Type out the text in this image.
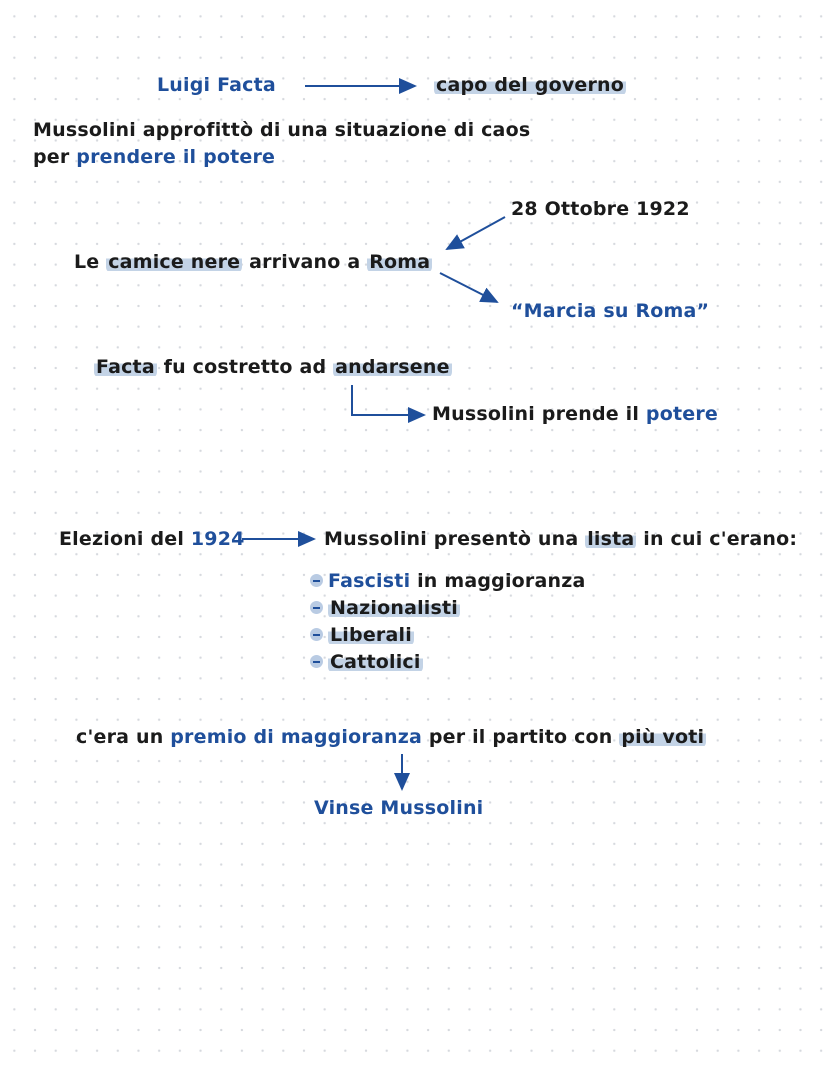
Luigi Facta	capo del governo
Mussolini approfittò di una situazione di caos
per prendere il potere
28 Ottobre 1922
Le camice nere arrivano a Roma
“Marcia su Roma”
Facta fu costretto ad andarsene
Mussolini prende il potere
Elezioni del 1924	Mussolini presentò una lista in cui c'erano:
Fascisti in maggioranza
Nazionalisti
Liberali
Cattolici
c'era un premio di maggioranza per il partito con più voti
Vinse Mussolini
